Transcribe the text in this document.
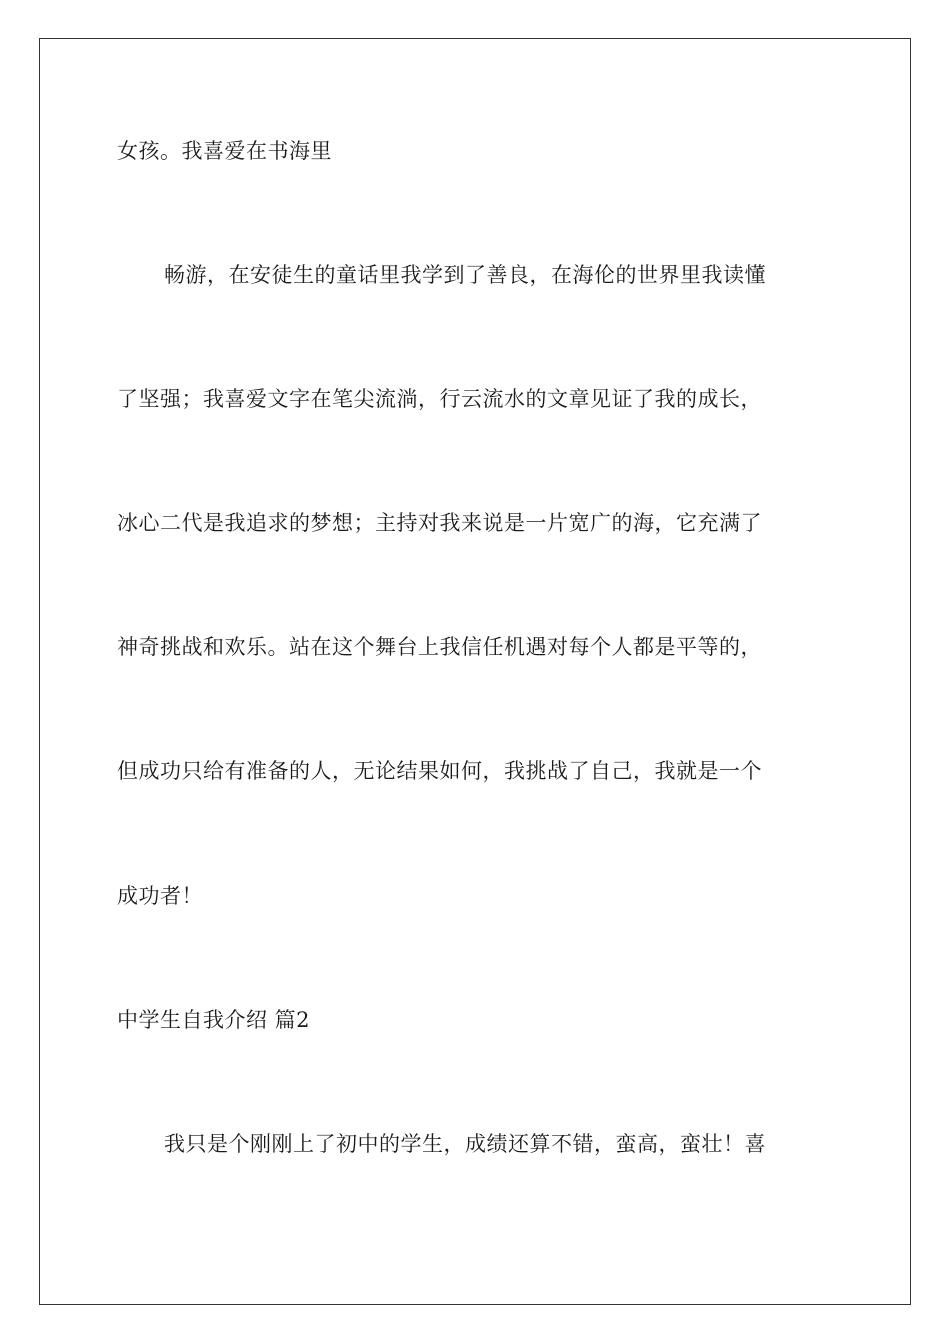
女孩。我喜爱在书海里
畅游，在安徒生的童话里我学到了善良，在海伦的世界里我读懂
了坚强；我喜爱文字在笔尖流淌，行云流水的文章见证了我的成长，
冰心二代是我追求的梦想；主持对我来说是一片宽广的海，它充满了
神奇挑战和欢乐。站在这个舞台上我信任机遇对每个人都是平等的，
但成功只给有准备的人，无论结果如何，我挑战了自己，我就是一个
成功者！
中学生自我介绍 篇2
我只是个刚刚上了初中的学生，成绩还算不错，蛮高，蛮壮！喜
